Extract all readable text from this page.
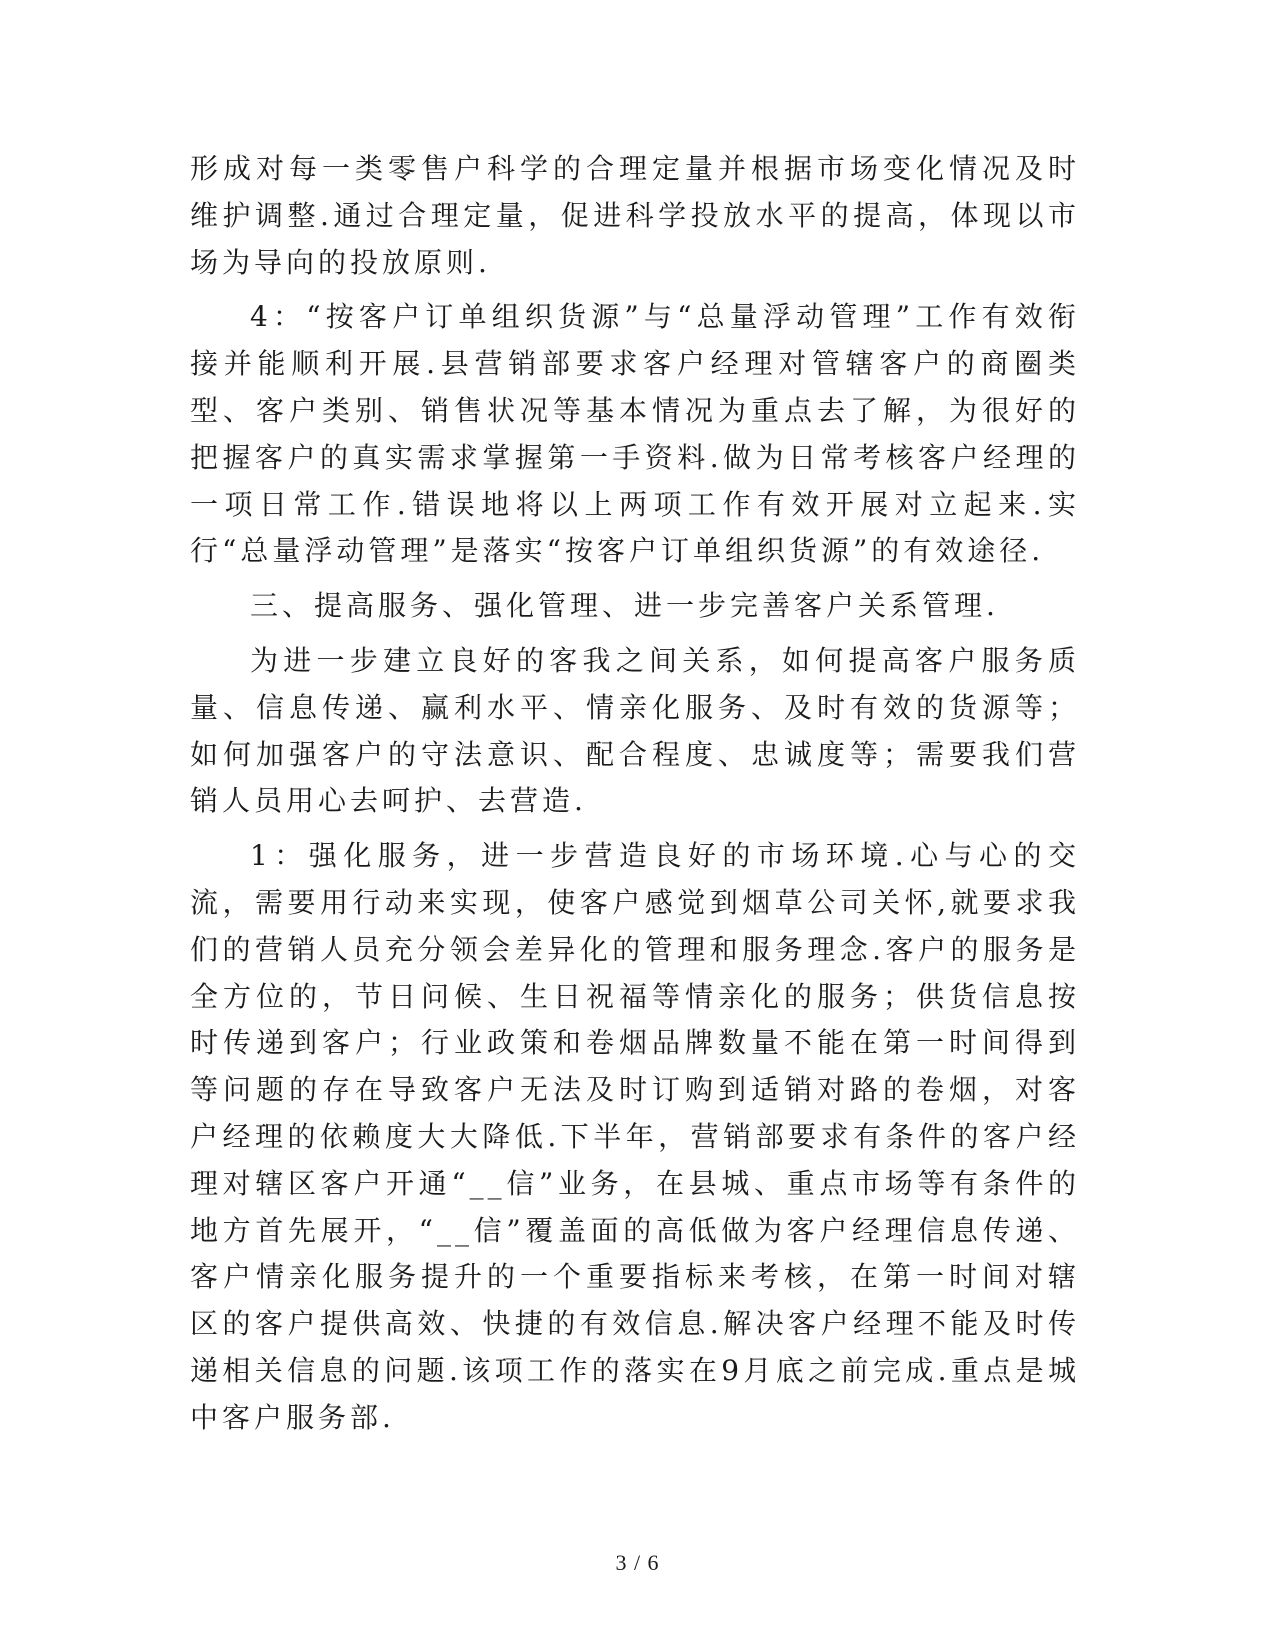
形成对每一类零售户科学的合理定量并根据市场变化情况及时维护调整.通过合理定量，促进科学投放水平的提高，体现以市场为导向的投放原则.

4：“按客户订单组织货源”与“总量浮动管理”工作有效衔接并能顺利开展.县营销部要求客户经理对管辖客户的商圈类型、客户类别、销售状况等基本情况为重点去了解，为很好的把握客户的真实需求掌握第一手资料.做为日常考核客户经理的一项日常工作.错误地将以上两项工作有效开展对立起来.实行“总量浮动管理”是落实“按客户订单组织货源”的有效途径.

三、提高服务、强化管理、进一步完善客户关系管理.

为进一步建立良好的客我之间关系，如何提高客户服务质量、信息传递、赢利水平、情亲化服务、及时有效的货源等；如何加强客户的守法意识、配合程度、忠诚度等；需要我们营销人员用心去呵护、去营造.

1：强化服务，进一步营造良好的市场环境.心与心的交流，需要用行动来实现，使客户感觉到烟草公司关怀,就要求我们的营销人员充分领会差异化的管理和服务理念.客户的服务是全方位的，节日问候、生日祝福等情亲化的服务；供货信息按时传递到客户；行业政策和卷烟品牌数量不能在第一时间得到等问题的存在导致客户无法及时订购到适销对路的卷烟，对客户经理的依赖度大大降低.下半年，营销部要求有条件的客户经理对辖区客户开通“__信”业务，在县城、重点市场等有条件的地方首先展开，“__信”覆盖面的高低做为客户经理信息传递、客户情亲化服务提升的一个重要指标来考核，在第一时间对辖区的客户提供高效、快捷的有效信息.解决客户经理不能及时传递相关信息的问题.该项工作的落实在9月底之前完成.重点是城中客户服务部.

3 / 6
